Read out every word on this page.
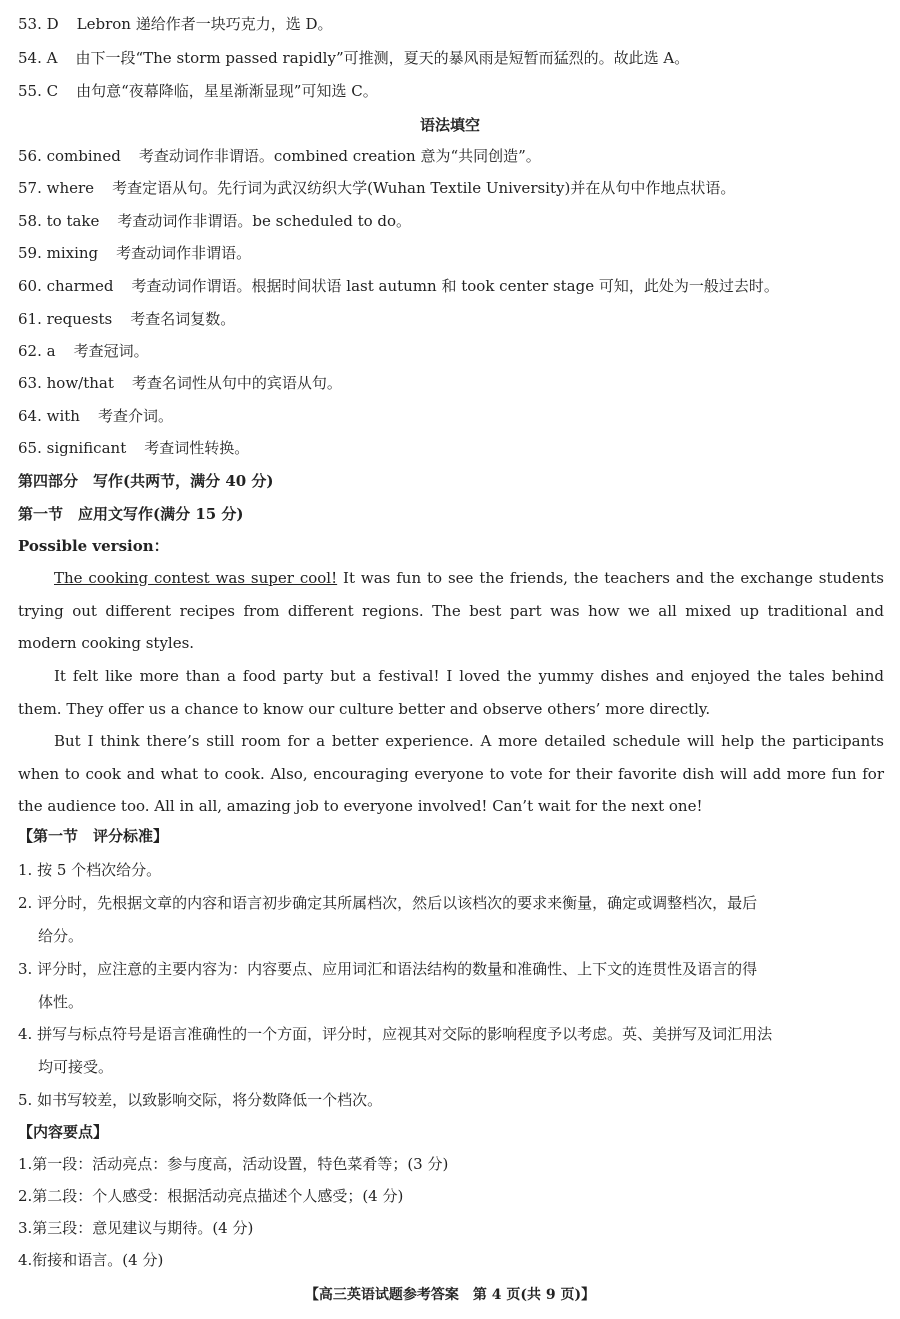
53. D Lebron 递给作者一块巧克力，选 D。
54. A 由下一段“The storm passed rapidly”可推测，夏天的暴风雨是短暂而猛烈的。故此选 A。
55. C 由句意“夜幕降临，星星渐渐显现”可知选 C。
语法填空
56. combined 考查动词作非谓语。combined creation 意为“共同创造”。
57. where 考查定语从句。先行词为武汉纺织大学(Wuhan Textile University)并在从句中作地点状语。
58. to take 考查动词作非谓语。be scheduled to do。
59. mixing 考查动词作非谓语。
60. charmed 考查动词作谓语。根据时间状语 last autumn 和 took center stage 可知，此处为一般过去时。
61. requests 考查名词复数。
62. a 考查冠词。
63. how/that 考查名词性从句中的宾语从句。
64. with 考查介词。
65. significant 考查词性转换。
第四部分　写作(共两节，满分 40 分)
第一节　应用文写作(满分 15 分)
Possible version：
The cooking contest was super cool! It was fun to see the friends, the teachers and the exchange students trying out different recipes from different regions. The best part was how we all mixed up traditional and modern cooking styles.
It felt like more than a food party but a festival! I loved the yummy dishes and enjoyed the tales behind them. They offer us a chance to know our culture better and observe others’ more directly.
But I think there’s still room for a better experience. A more detailed schedule will help the participants when to cook and what to cook. Also, encouraging everyone to vote for their favorite dish will add more fun for the audience too. All in all, amazing job to everyone involved! Can’t wait for the next one!
【第一节　评分标准】
1. 按 5 个档次给分。
2. 评分时，先根据文章的内容和语言初步确定其所属档次，然后以该档次的要求来衡量，确定或调整档次，最后
给分。
3. 评分时，应注意的主要内容为：内容要点、应用词汇和语法结构的数量和准确性、上下文的连贯性及语言的得
体性。
4. 拼写与标点符号是语言准确性的一个方面，评分时，应视其对交际的影响程度予以考虑。英、美拼写及词汇用法
均可接受。
5. 如书写较差，以致影响交际，将分数降低一个档次。
【内容要点】
1.第一段：活动亮点：参与度高，活动设置，特色菜肴等；(3 分)
2.第二段：个人感受：根据活动亮点描述个人感受；(4 分)
3.第三段：意见建议与期待。(4 分)
4.衔接和语言。(4 分)
【高三英语试题参考答案　第 4 页(共 9 页)】
